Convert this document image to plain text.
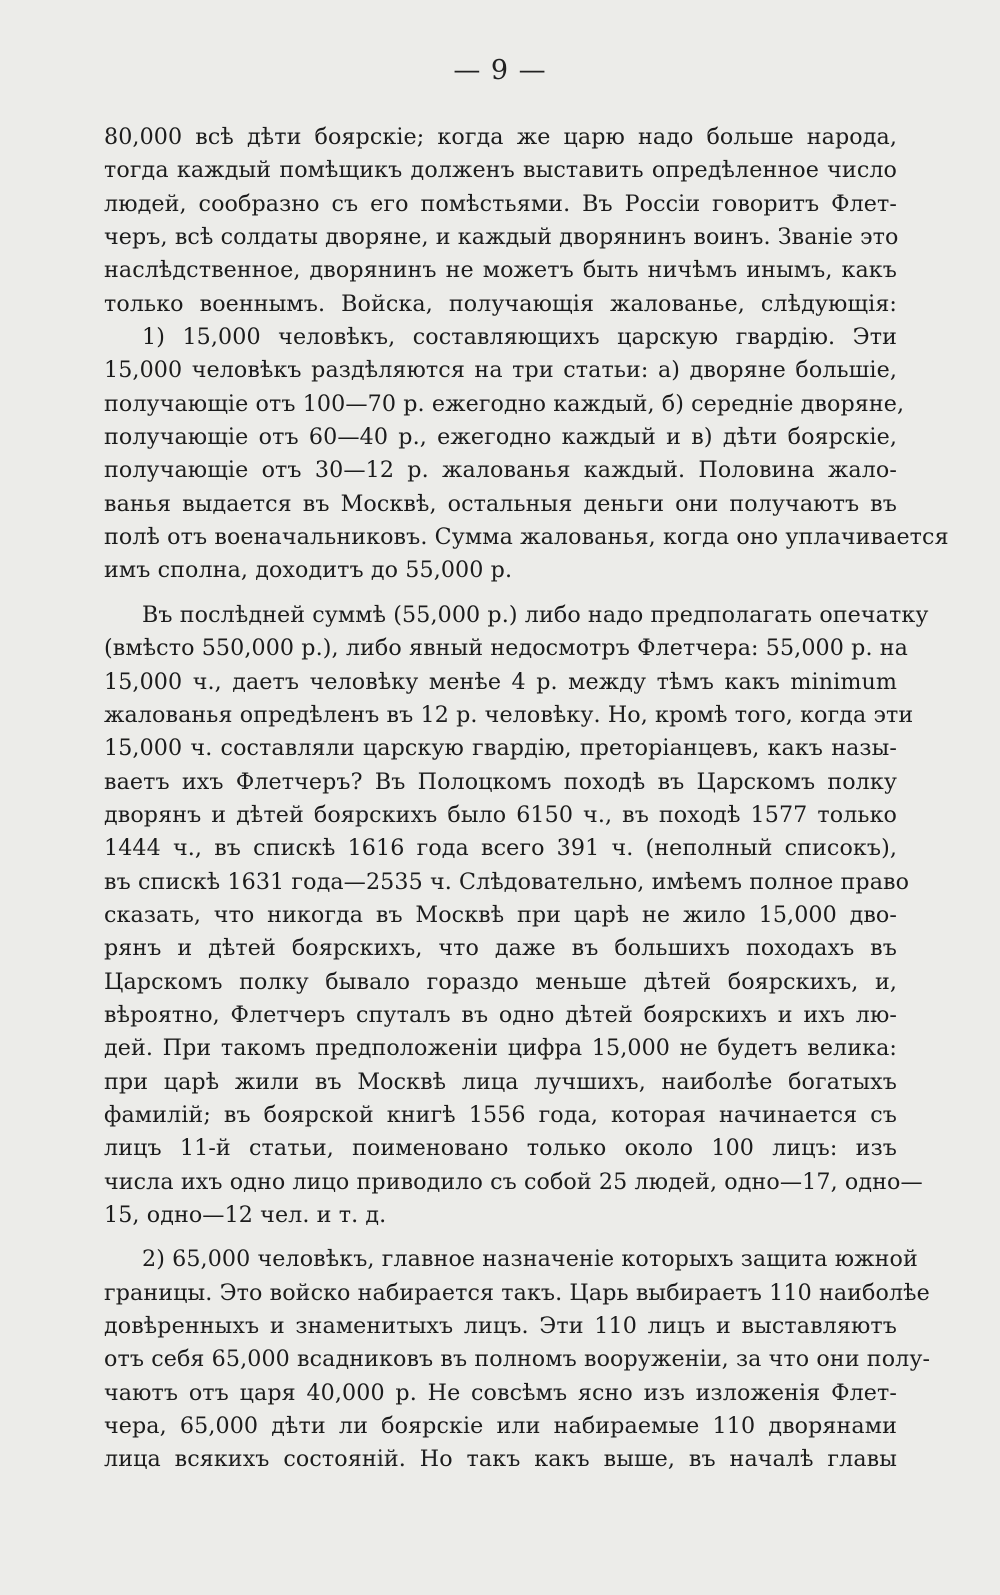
— 9 —
80,000 всѣ дѣти боярскіе; когда же царю надо больше народа,
тогда каждый помѣщикъ долженъ выставить опредѣленное число
людей, сообразно съ его помѣстьями. Въ Россіи говоритъ Флет-
черъ, всѣ солдаты дворяне, и каждый дворянинъ воинъ. Званіе это
наслѣдственное, дворянинъ не можетъ быть ничѣмъ инымъ, какъ
только военнымъ. Войска, получающія жалованье, слѣдующія:
1) 15,000 человѣкъ, составляющихъ царскую гвардію. Эти
15,000 человѣкъ раздѣляются на три статьи: а) дворяне большіе,
получающіе отъ 100—70 р. ежегодно каждый, б) середніе дворяне,
получающіе отъ 60—40 р., ежегодно каждый и в) дѣти боярскіе,
получающіе отъ 30—12 р. жалованья каждый. Половина жало-
ванья выдается въ Москвѣ, остальныя деньги они получаютъ въ
полѣ отъ военачальниковъ. Сумма жалованья, когда оно уплачивается
имъ сполна, доходитъ до 55,000 р.
Въ послѣдней суммѣ (55,000 р.) либо надо предполагать опечатку
(вмѣсто 550,000 р.), либо явный недосмотръ Флетчера: 55,000 р. на
15,000 ч., даетъ человѣку менѣе 4 р. между тѣмъ какъ minimum
жалованья опредѣленъ въ 12 р. человѣку. Но, кромѣ того, когда эти
15,000 ч. составляли царскую гвардію, преторіанцевъ, какъ назы-
ваетъ ихъ Флетчеръ? Въ Полоцкомъ походѣ въ Царскомъ полку
дворянъ и дѣтей боярскихъ было 6150 ч., въ походѣ 1577 только
1444 ч., въ спискѣ 1616 года всего 391 ч. (неполный списокъ),
въ спискѣ 1631 года—2535 ч. Слѣдовательно, имѣемъ полное право
сказать, что никогда въ Москвѣ при царѣ не жило 15,000 дво-
рянъ и дѣтей боярскихъ, что даже въ большихъ походахъ въ
Царскомъ полку бывало гораздо меньше дѣтей боярскихъ, и,
вѣроятно, Флетчеръ спуталъ въ одно дѣтей боярскихъ и ихъ лю-
дей. При такомъ предположеніи цифра 15,000 не будетъ велика:
при царѣ жили въ Москвѣ лица лучшихъ, наиболѣе богатыхъ
фамилій; въ боярской книгѣ 1556 года, которая начинается съ
лицъ 11-й статьи, поименовано только около 100 лицъ: изъ
числа ихъ одно лицо приводило съ собой 25 людей, одно—17, одно—
15, одно—12 чел. и т. д.
2) 65,000 человѣкъ, главное назначеніе которыхъ защита южной
границы. Это войско набирается такъ. Царь выбираетъ 110 наиболѣе
довѣренныхъ и знаменитыхъ лицъ. Эти 110 лицъ и выставляютъ
отъ себя 65,000 всадниковъ въ полномъ вооруженіи, за что они полу-
чаютъ отъ царя 40,000 р. Не совсѣмъ ясно изъ изложенія Флет-
чера, 65,000 дѣти ли боярскіе или набираемые 110 дворянами
лица всякихъ состояній. Но такъ какъ выше, въ началѣ главы
